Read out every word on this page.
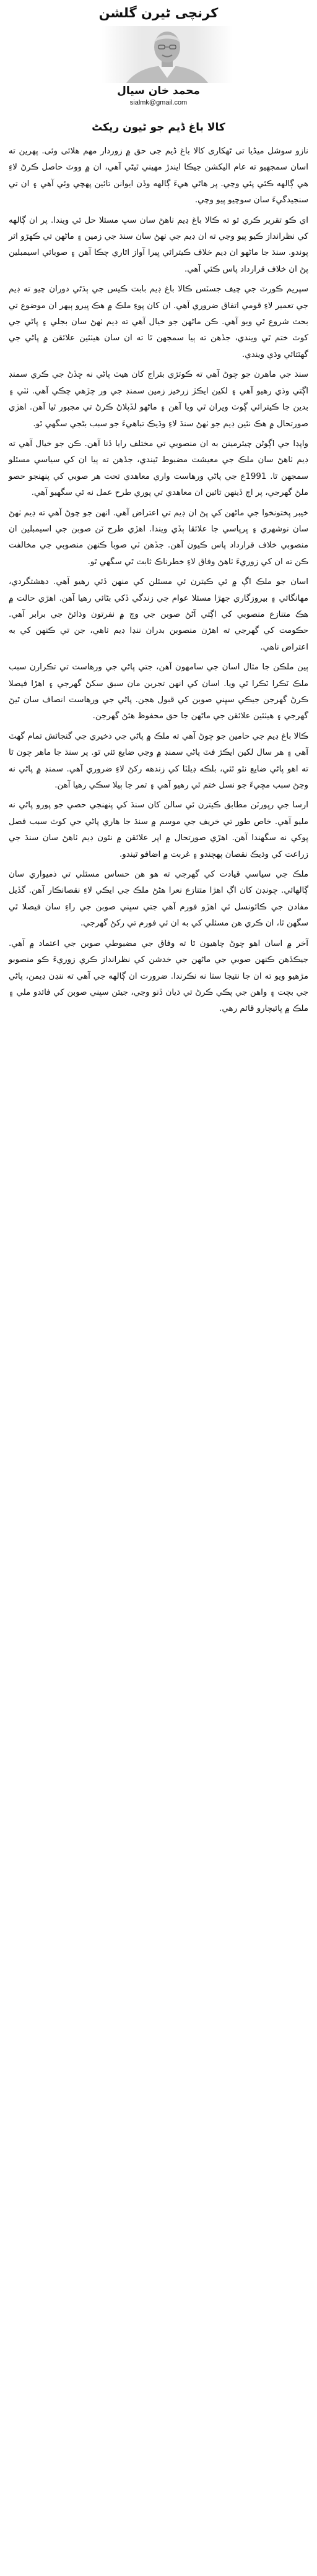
کرنچی ٹیرن گلشن
محمد خان سیال
sialmk@gmail.com
کالا باغ ڈیم جو ٹیون ریکٹ

نازو سوشل میڈیا تی ٹھکاری کالا باغ ڈیم جی حق ۾ زوردار مهم هلائی وئی. پهرین ته اسان سمجهیو ته عام اليکشن جيڪا ايندڙ مهيني ٿيڻي آهي، ان ۾ ووٽ حاصل ڪرڻ لاءِ هي ڳالهه ڪئي پئي وڃي. پر هاڻي هيءَ ڳالهه وڏن ايوانن تائين پهچي وئي آهي ۽ ان تي سنجيدگيءَ سان سوچيو پيو وڃي.

اي ڪو تقرير ڪري ٿو ته ڪالا باغ ڊيم ٺاهڻ سان سڀ مسئلا حل ٿي ويندا. پر ان ڳالهه کي نظرانداز ڪيو پيو وڃي ته ان ڊيم جي ٺهڻ سان سنڌ جي زمين ۽ ماڻهن تي ڪهڙو اثر پوندو. سنڌ جا ماڻهو ان ڊيم خلاف ڪيترائي ڀيرا آواز اٿاري چڪا آهن ۽ صوبائي اسيمبلين پڻ ان خلاف قرارداد پاس ڪئي آهي.

سپريم ڪورٽ جي چيف جسٽس ڪالا باغ ڊيم بابت ڪيس جي ٻڌڻي دوران چيو ته ڊيم جي تعمير لاءِ قومي اتفاق ضروري آهي. ان کان پوءِ ملڪ ۾ هڪ ڀيرو ٻيهر ان موضوع تي بحث شروع ٿي ويو آهي. ڪن ماڻهن جو خيال آهي ته ڊيم ٺهڻ سان بجلي ۽ پاڻي جي کوٽ ختم ٿي ويندي، جڏهن ته ٻيا سمجهن ٿا ته ان سان هيٺئين علائقن ۾ پاڻي جي گهٽتائي وڌي ويندي.

سنڌ جي ماهرن جو چوڻ آهي ته ڪوٽڙي بئراج کان هيٺ پاڻي نه ڇڏڻ جي ڪري سمنڊ اڳتي وڌي رهيو آهي ۽ لکين ايڪڙ زرخيز زمين سمنڊ جي ور چڙهي چڪي آهي. ٺٽي ۽ بدين جا ڪيترائي ڳوٺ ويران ٿي ويا آهن ۽ ماڻهو لڏپلاڻ ڪرڻ تي مجبور ٿيا آهن. اهڙي صورتحال ۾ هڪ نئين ڊيم جو ٺهڻ سنڌ لاءِ وڌيڪ تباهيءَ جو سبب بڻجي سگهي ٿو.

واپڊا جي اڳوڻن چيئرمينن به ان منصوبي تي مختلف رايا ڏنا آهن. ڪن جو خيال آهي ته ڊيم ٺاهڻ سان ملڪ جي معيشت مضبوط ٿيندي، جڏهن ته ٻيا ان کي سياسي مسئلو سمجهن ٿا. 1991ع جي پاڻي ورهاست واري معاهدي تحت هر صوبي کي پنهنجو حصو ملڻ گهرجي، پر اڄ ڏينهن تائين ان معاهدي تي پوري طرح عمل نه ٿي سگهيو آهي.

خيبر پختونخوا جي ماڻهن کي پڻ ان ڊيم تي اعتراض آهي. انهن جو چوڻ آهي ته ڊيم ٺهڻ سان نوشهري ۽ ڀرپاسي جا علائقا ٻڏي ويندا. اهڙي طرح ٽن صوبن جي اسيمبلين ان منصوبي خلاف قرارداد پاس ڪيون آهن. جڏهن ٽي صوبا ڪنهن منصوبي جي مخالفت ڪن ته ان کي زوريءَ ٺاهڻ وفاق لاءِ خطرناڪ ثابت ٿي سگهي ٿو.

اسان جو ملڪ اڳ ۾ ئي ڪيترن ئي مسئلن کي منهن ڏئي رهيو آهي. دهشتگردي، مهانگائي ۽ بيروزگاري جهڙا مسئلا عوام جي زندگي ڏکي بڻائي رهيا آهن. اهڙي حالت ۾ هڪ متنازع منصوبي کي اڳتي آڻڻ صوبن جي وچ ۾ نفرتون وڌائڻ جي برابر آهي. حڪومت کي گهرجي ته اهڙن منصوبن بدران ننڍا ڊيم ٺاهي، جن تي ڪنهن کي به اعتراض ناهي.

ٻين ملڪن جا مثال اسان جي سامهون آهن، جتي پاڻي جي ورهاست تي تڪرارن سبب ملڪ ٽڪرا ٽڪرا ٿي ويا. اسان کي انهن تجربن مان سبق سکڻ گهرجي ۽ اهڙا فيصلا ڪرڻ گهرجن جيڪي سڀني صوبن کي قبول هجن. پاڻي جي ورهاست انصاف سان ٿيڻ گهرجي ۽ هيٺئين علائقن جي ماڻهن جا حق محفوظ هئڻ گهرجن.

ڪالا باغ ڊيم جي حامين جو چوڻ آهي ته ملڪ ۾ پاڻي جي ذخيري جي گنجائش تمام گهٽ آهي ۽ هر سال لکين ايڪڙ فٽ پاڻي سمنڊ ۾ وڃي ضايع ٿئي ٿو. پر سنڌ جا ماهر چون ٿا ته اهو پاڻي ضايع نٿو ٿئي، بلڪه ڊيلٽا کي زندهه رکڻ لاءِ ضروري آهي. سمنڊ ۾ پاڻي نه وڃڻ سبب مڇيءَ جو نسل ختم ٿي رهيو آهي ۽ تمر جا ٻيلا سڪي رهيا آهن.

ارسا جي رپورٽن مطابق ڪيترن ئي سالن کان سنڌ کي پنهنجي حصي جو پورو پاڻي نه مليو آهي. خاص طور تي خريف جي موسم ۾ سنڌ جا هاري پاڻي جي کوٽ سبب فصل پوکي نه سگهندا آهن. اهڙي صورتحال ۾ اپر علائقن ۾ نئون ڊيم ٺاهڻ سان سنڌ جي زراعت کي وڌيڪ نقصان پهچندو ۽ غربت ۾ اضافو ٿيندو.

ملڪ جي سياسي قيادت کي گهرجي ته هو هن حساس مسئلي تي ذميواري سان ڳالهائي. چونڊن کان اڳ اهڙا متنازع نعرا هڻڻ ملڪ جي ايڪي لاءِ نقصانڪار آهن. گڏيل مفادن جي ڪائونسل ئي اهڙو فورم آهي جتي سڀني صوبن جي راءِ سان فيصلا ٿي سگهن ٿا، ان ڪري هن مسئلي کي به ان ئي فورم تي رکڻ گهرجي.

آخر ۾ اسان اهو چوڻ چاهيون ٿا ته وفاق جي مضبوطي صوبن جي اعتماد ۾ آهي. جيڪڏهن ڪنهن صوبي جي ماڻهن جي خدشن کي نظرانداز ڪري زوريءَ ڪو منصوبو مڙهيو ويو ته ان جا نتيجا سٺا نه نڪرندا. ضرورت ان ڳالهه جي آهي ته ننڍن ڊيمن، پاڻي جي بچت ۽ واهن جي پڪي ڪرڻ تي ڌيان ڏنو وڃي، جيئن سڀني صوبن کي فائدو ملي ۽ ملڪ ۾ ڀائيچارو قائم رهي.
